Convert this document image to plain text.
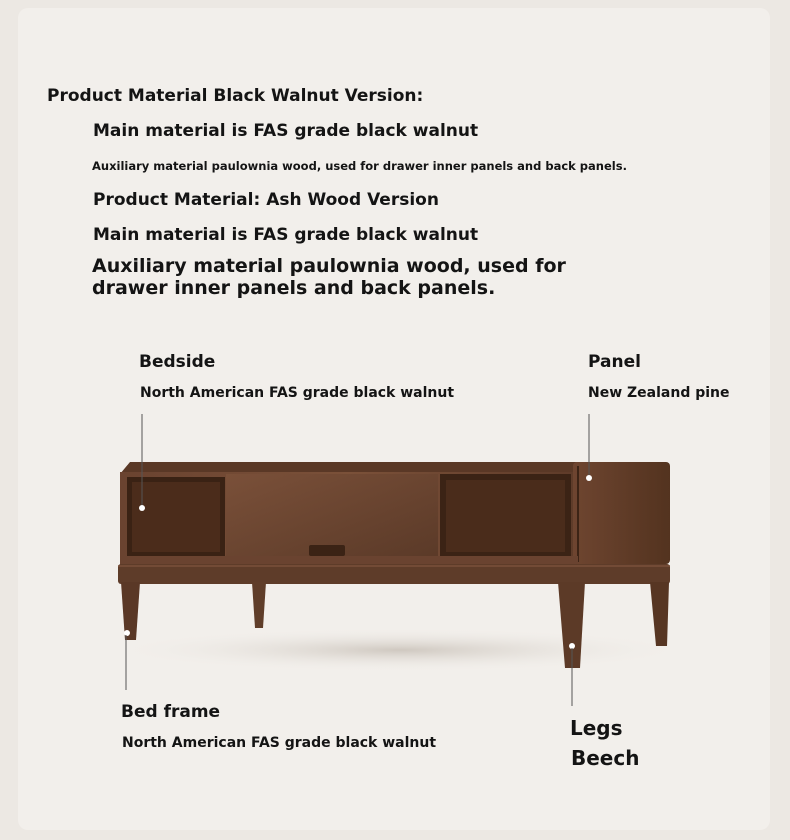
Product Material Black Walnut Version:
Main material is FAS grade black walnut
Auxiliary material paulownia wood, used for drawer inner panels and back panels.
Product Material: Ash Wood Version
Main material is FAS grade black walnut
Auxiliary material paulownia wood, used for
drawer inner panels and back panels.
Bedside
North American FAS grade black walnut
Panel
New Zealand pine
Bed frame
North American FAS grade black walnut
Legs
Beech
